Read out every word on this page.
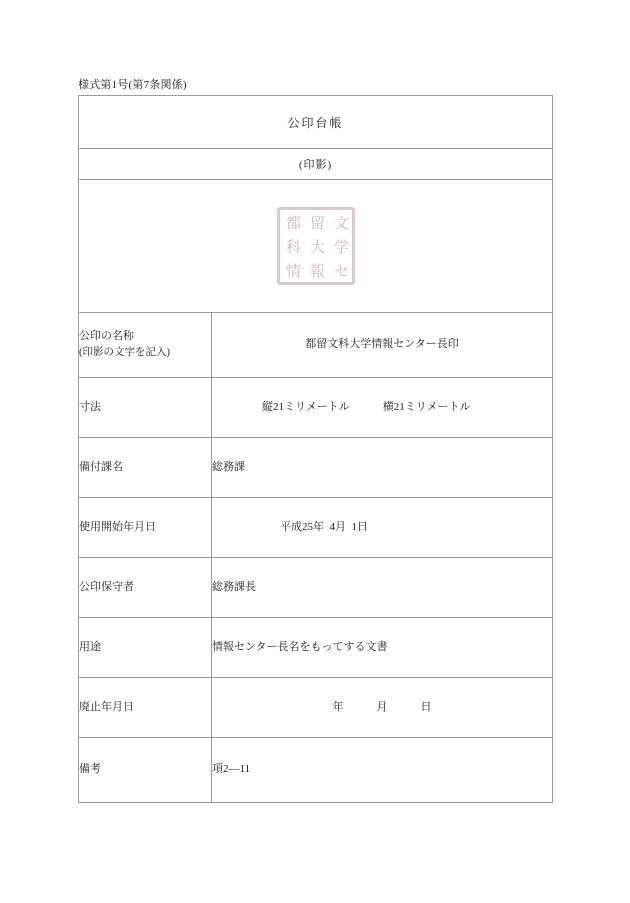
様式第1号(第7条関係)
公印台帳	
(印影)	

都 留 文
科 大 学
情 報 セ

公印の名称
(印影の文字を記入)	都留文科大学情報センター長印
寸法	縦21ミリメートル　　　横21ミリメートル
備付課名	総務課
使用開始年月日	平成25年  4月  1日
公印保守者	総務課長
用途	情報センター長名をもってする文書
廃止年月日	年　　　月　　　日
備考	項2—11
